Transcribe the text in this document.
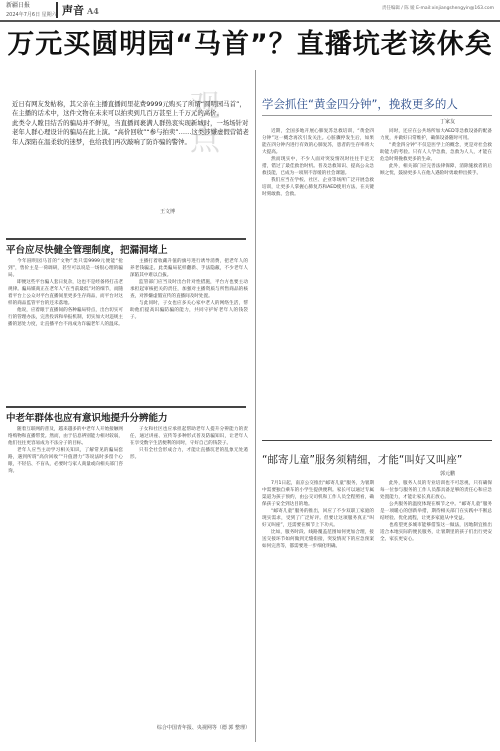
新疆日报
2024年7月6日 星期六 声音 A4	责任编辑 / 陈 媛 E-mail:xinjiangshengyin@163.com
万元买圆明园“马首”？直播坑老该休矣
观 点

近日有网友发帖称，其父亲在主播直播间里花费9999元购买了所谓“圆明园马首”，在主播的话术中，这件文物在未来可以拍卖到几百万甚至上千万元的高价。

此类令人瞠目结舌的骗局并不鲜见，当直播间裹满人群热衷实现新城时，一场场针对老年人群心理设计的骗局在此上演。“高价回收”“参与拍卖”……这类涉嫌虚假营销老年人深陷在温柔软的迷梦，也给我们再次敲响了防诈骗的警钟。

王文博
平台应尽快健全管理制度，把漏洞堵上

今年圆明园马首的“文物”类只需9999元便能“抢到”，售价主是一荷调研，甚至可以说是一场很心理的骗局。

即便这些平台骗人套日复杂，这也不是经备将打击老规律。骗局媒商正在老年人“在当前最低”对的细节，而随着平台上公众对平台直播间里更多生存商品，而平台对这样的商品监管平台的还未落地。

他说，应着眼于直播间的各种骗局特点，出台切实可行的管理办法，完善投诉和举报机制，切实加大对违规主播的惩处力度，让直播平台不再成为诈骗老年人的温床。

主播打着收藏升值的旗号进行诱导消费，把老年人的养老钱骗走。此类骗局花样翻新、手法隐蔽，不少老年人深陷其中难以自拔。

监管部门应当及时出台针对性措施，平台方也要主动承担起审核把关的责任，加强对主播资质与所售商品的核查，对涉嫌虚假宣传的直播间及时处置。

与此同时，子女也应多关心家中老人的网络生活，帮助他们提高识骗防骗的能力，共同守护好老年人的钱袋子。

中老年群体也应有意识地提升分辨能力

随着互联网的普及，越来越多的中老年人开始接触网络购物和直播带货。然而，由于信息辨别能力相对较弱，他们往往更容易成为不法分子的目标。

老年人应当主动学习相关知识，了解常见的骗局套路，遇到所谓“高价回收”“升值潜力”等说法时多留个心眼，不轻信、不盲从，必要时与家人商量或向相关部门咨询。

子女和社区也应承担起帮助老年人提升分辨能力的责任，通过讲座、宣传等多种形式普及防骗知识，让老年人在享受数字生活便利的同时，守好自己的钱袋子。

只有全社会形成合力，才能让直播坑老的乱象无处遁形。

综合中国青年报、央视网等（德 郭 整理）
学会抓住“黄金四分钟”，挽救更多的人
丁家友

近期，全国多地开展心肺复苏急救培训，“黄金四分钟”这一概念再次引发关注。心脏骤停发生后，如果能在四分钟内进行有效的心肺复苏，患者的生存率将大大提高。

然而现实中，不少人面对突发情况时往往手足无措，错过了最佳救治时机。普及急救知识、提高公众急救技能，已成为一项刻不容缓的社会课题。

我们应当在学校、社区、企业等场所广泛开展急救培训，让更多人掌握心肺复苏和AED使用方法，在关键时刻敢救、会救。

同时，还应在公共场所加大AED等急救设备的配备力度，并做好日常维护，确保设备随时可用。

“黄金四分钟”不仅是医学上的概念，更是对社会救助能力的考验。只有人人学急救，急救为人人，才能在危急时刻挽救更多的生命。

此外，相关部门应完善法律保障，消除施救者的后顾之忧，鼓励更多人在他人遇险时勇敢伸出援手。

“邮寄儿童”服务须精细，才能“叫好又叫座”
郭元鹏

7月1日起，南京公交推出“邮寄儿童”服务，为暑期中需要独自乘车的小学生提供便利。家长可以通过专属渠道为孩子预约，由公交司机和工作人员全程照看，确保孩子安全到达目的地。

“邮寄儿童”服务的推出，回应了不少双职工家庭的现实需求，受到了广泛好评。但要让这项服务真正“叫好又叫座”，还需要在细节上下功夫。

比如，服务时段、线路覆盖范围如何更加合理，接送交接环节如何做到无缝衔接，突发情况下的应急预案如何完善等，都需要进一步细化明确。

此外，服务人员的专业培训也不可忽视，只有确保每一位参与服务的工作人员都具备足够的责任心和应急处置能力，才能让家长真正放心。

公共服务的温度体现在细节之中。“邮寄儿童”服务是一项暖心的创新举措，期待相关部门在实践中不断总结经验、优化流程，让更多家庭从中受益。

也希望更多城市能够借鉴这一做法，因地制宜推出适合本地实际的便民服务，让暑期里的孩子们出行更安全、家长更安心。
